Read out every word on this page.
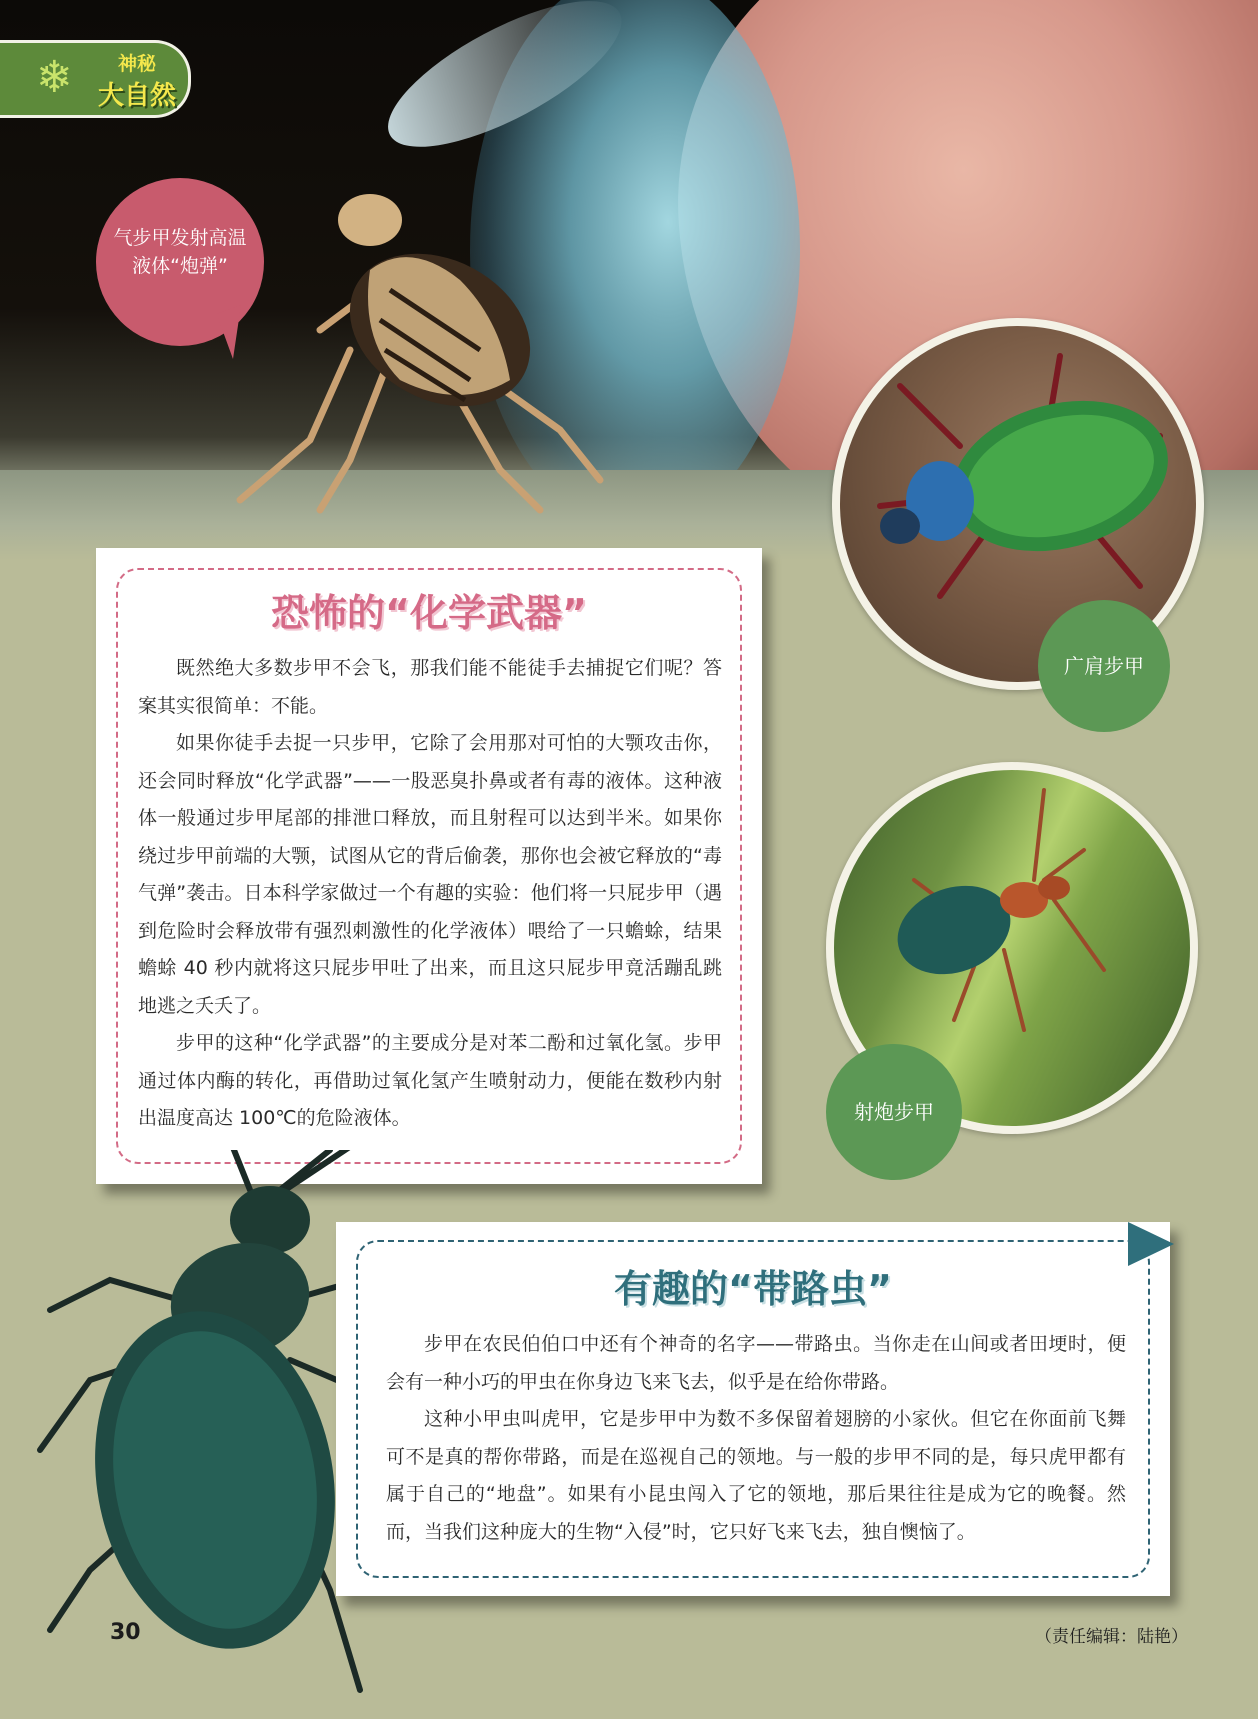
❄ 神秘
大自然
气步甲发射高温
液体“炮弹”
广肩步甲
射炮步甲
恐怖的“化学武器”

既然绝大多数步甲不会飞，那我们能不能徒手去捕捉它们呢？答案其实很简单：不能。

如果你徒手去捉一只步甲，它除了会用那对可怕的大颚攻击你，还会同时释放“化学武器”——一股恶臭扑鼻或者有毒的液体。这种液体一般通过步甲尾部的排泄口释放，而且射程可以达到半米。如果你绕过步甲前端的大颚，试图从它的背后偷袭，那你也会被它释放的“毒气弹”袭击。日本科学家做过一个有趣的实验：他们将一只屁步甲（遇到危险时会释放带有强烈刺激性的化学液体）喂给了一只蟾蜍，结果蟾蜍 40 秒内就将这只屁步甲吐了出来，而且这只屁步甲竟活蹦乱跳地逃之夭夭了。

步甲的这种“化学武器”的主要成分是对苯二酚和过氧化氢。步甲通过体内酶的转化，再借助过氧化氢产生喷射动力，便能在数秒内射出温度高达 100℃的危险液体。

有趣的“带路虫”

步甲在农民伯伯口中还有个神奇的名字——带路虫。当你走在山间或者田埂时，便会有一种小巧的甲虫在你身边飞来飞去，似乎是在给你带路。

这种小甲虫叫虎甲，它是步甲中为数不多保留着翅膀的小家伙。但它在你面前飞舞可不是真的帮你带路，而是在巡视自己的领地。与一般的步甲不同的是，每只虎甲都有属于自己的“地盘”。如果有小昆虫闯入了它的领地，那后果往往是成为它的晚餐。然而，当我们这种庞大的生物“入侵”时，它只好飞来飞去，独自懊恼了。

30	（责任编辑：陆艳）
